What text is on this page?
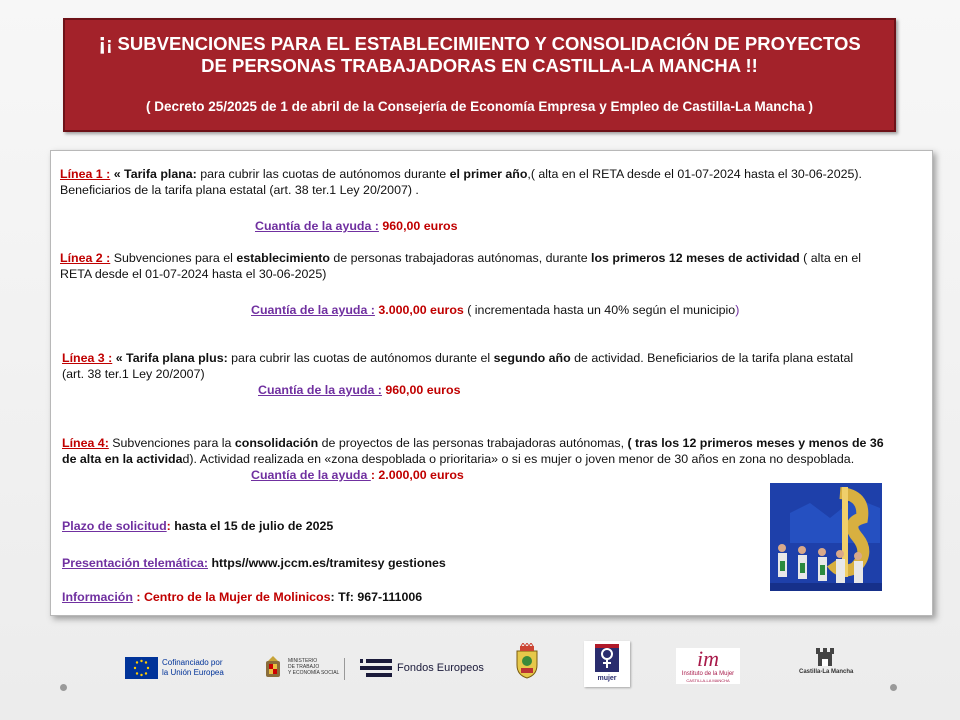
¡¡ SUBVENCIONES PARA EL ESTABLECIMIENTO Y CONSOLIDACIÓN DE PROYECTOS
DE PERSONAS TRABAJADORAS EN CASTILLA-LA MANCHA !!
( Decreto 25/2025 de 1 de abril de la Consejería de Economía Empresa y Empleo de Castilla-La Mancha )
Línea 1 : « Tarifa plana: para cubrir las cuotas de autónomos durante el primer año,( alta en el RETA desde el 01-07-2024 hasta el 30-06-2025).
Beneficiarios de la tarifa plana estatal (art. 38 ter.1 Ley 20/2007) .
Cuantía de la ayuda : 960,00 euros
Línea 2 : Subvenciones para el establecimiento de personas trabajadoras autónomas, durante los primeros 12 meses de actividad ( alta en el
RETA desde el 01-07-2024 hasta el 30-06-2025)
Cuantía de la ayuda : 3.000,00 euros ( incrementada hasta un 40% según el municipio)
Línea 3 : « Tarifa plana plus: para cubrir las cuotas de autónomos durante el segundo año de actividad. Beneficiarios de la tarifa plana estatal
(art. 38 ter.1 Ley 20/2007)
Cuantía de la ayuda : 960,00 euros
Línea 4: Subvenciones para la consolidación de proyectos de las personas trabajadoras autónomas, ( tras los 12 primeros meses y menos de 36
de alta en la actividad). Actividad realizada en «zona despoblada o prioritaria» o si es mujer o joven menor de 30 años en zona no despoblada.
Cuantía de la ayuda : 2.000,00 euros
Plazo de solicitud: hasta el 15 de julio de 2025
Presentación telemática: https//www.jccm.es/tramitesy gestiones
Información : Centro de la Mujer de Molinicos: Tf: 967-111006
Cofinanciado por
la Unión Europea
MINISTERIO
DE TRABAJO
Y ECONOMÍA SOCIAL	Fondos Europeos
mujer
im
Instituto de la Mujer
CASTILLA-LA MANCHA
Castilla-La Mancha
